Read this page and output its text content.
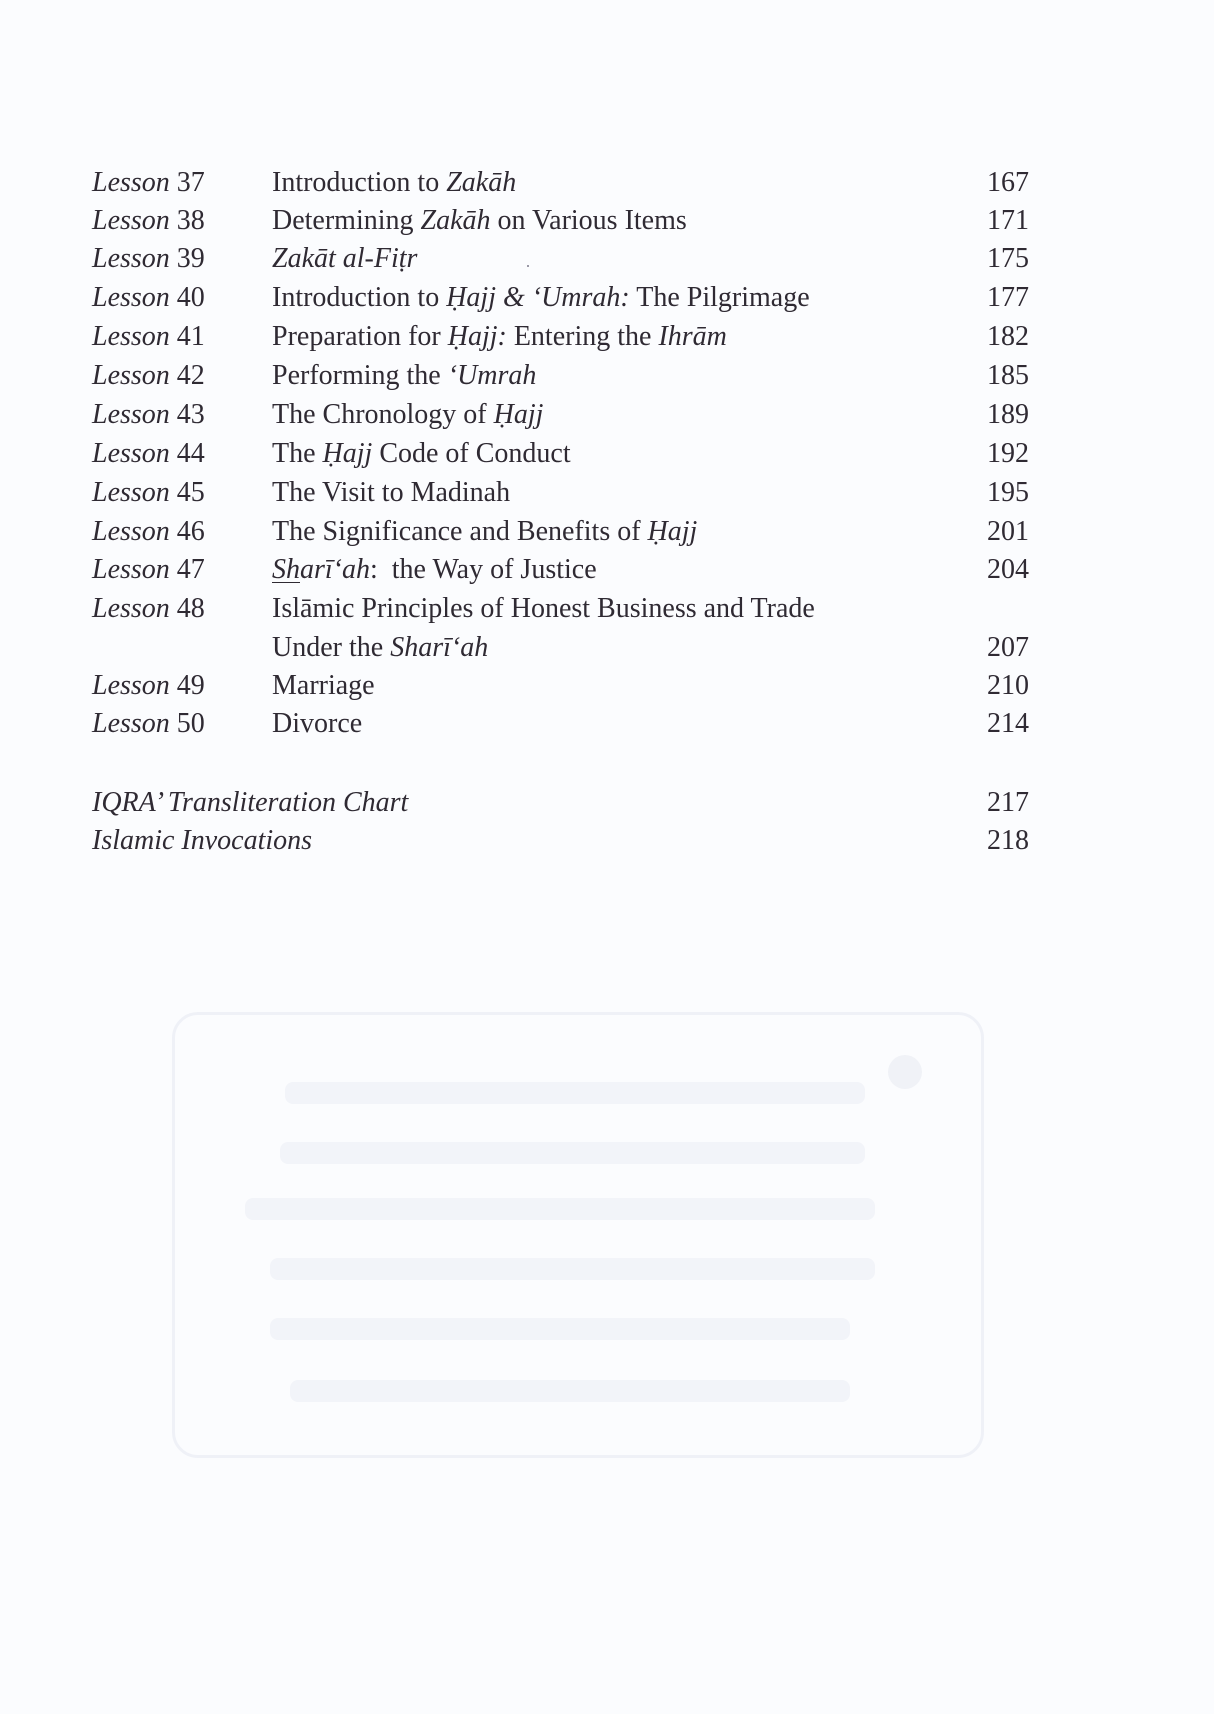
Lesson 37 Introduction to Zakāh	167
Lesson 38 Determining Zakāh on Various Items	171
Lesson 39 Zakāt al-Fiṭr	175
Lesson 40 Introduction to Ḥajj & ‘Umrah: The Pilgrimage	177
Lesson 41 Preparation for Ḥajj: Entering the Ihrām	182
Lesson 42 Performing the ‘Umrah	185
Lesson 43 The Chronology of Ḥajj	189
Lesson 44 The Ḥajj Code of Conduct	192
Lesson 45 The Visit to Madinah	195
Lesson 46 The Significance and Benefits of Ḥajj	201
Lesson 47 Sharī‘ah:  the Way of Justice	204
Lesson 48 Islāmic Principles of Honest Business and Trade
Under the Sharī‘ah	207
Lesson 49 Marriage	210
Lesson 50 Divorce	214
IQRA’ Transliteration Chart	217
Islamic Invocations	218
